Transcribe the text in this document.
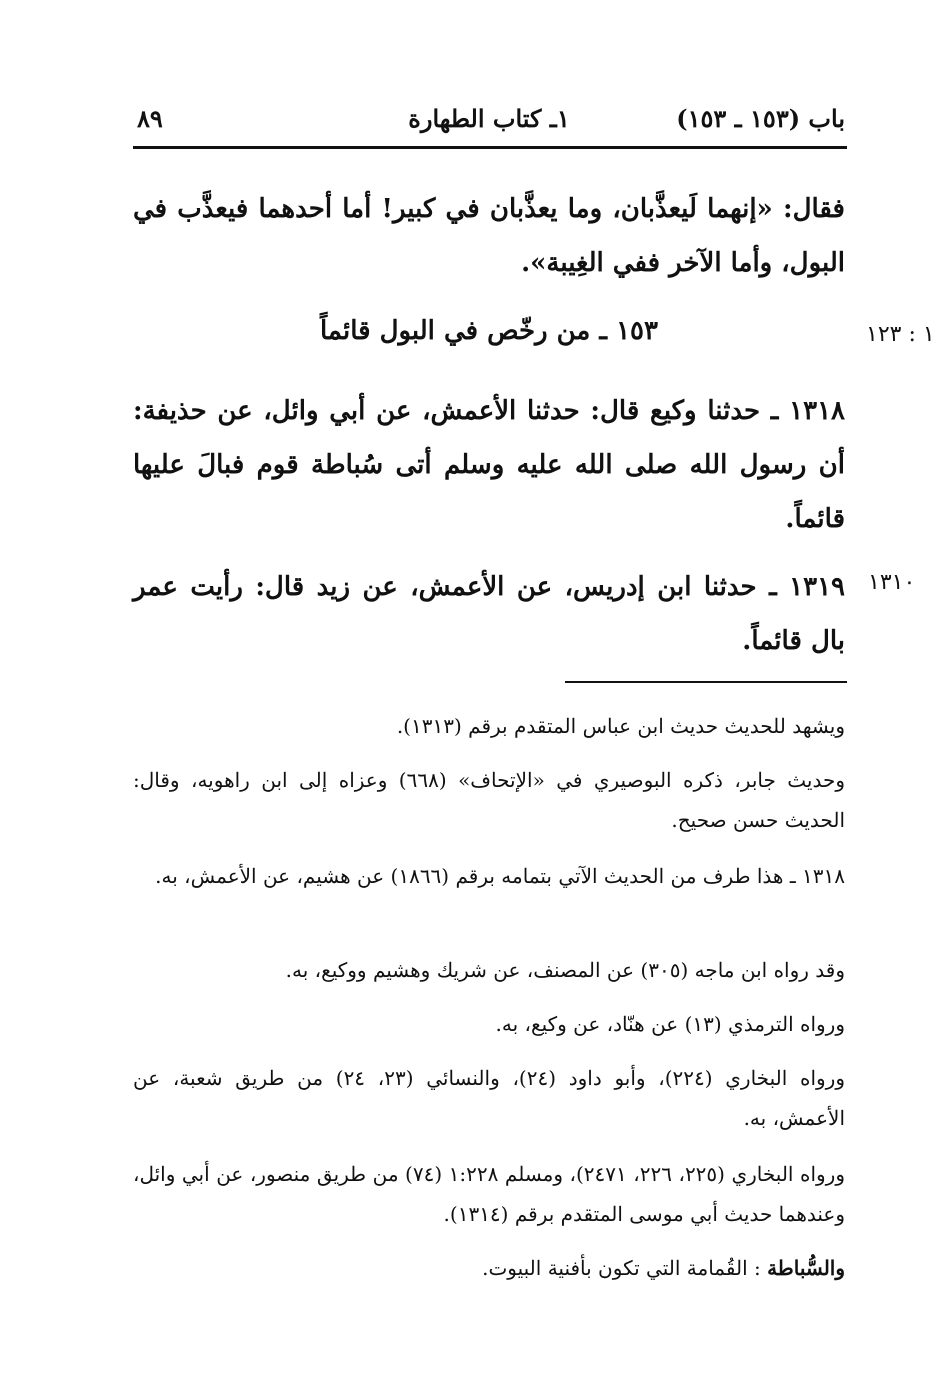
٨٩	١ـ كتاب الطهارة	باب (١٥٣ ـ ١٥٣)
فقال: «إنهما لَيعذَّبان، وما يعذَّبان في كبير! أما أحدهما فيعذَّب في البول، وأما الآخر ففي الغِيبة».
١٥٣ ـ من رخّص في البول قائماً	١ : ١٢٣
١٣١٨ ـ حدثنا وكيع قال: حدثنا الأعمش، عن أبي وائل، عن حذيفة: أن رسول الله صلى الله عليه وسلم أتى سُباطة قوم فبالَ عليها قائماً.
١٣١٩ ـ حدثنا ابن إدريس، عن الأعمش، عن زيد قال: رأيت عمر بال قائماً.
١٣١٠
ويشهد للحديث حديث ابن عباس المتقدم برقم (١٣١٣).
وحديث جابر، ذكره البوصيري في «الإتحاف» (٦٦٨) وعزاه إلى ابن راهويه، وقال: الحديث حسن صحيح.
١٣١٨ ـ هذا طرف من الحديث الآتي بتمامه برقم (١٨٦٦) عن هشيم، عن الأعمش، به.
وقد رواه ابن ماجه (٣٠٥) عن المصنف، عن شريك وهشيم ووكيع، به.
ورواه الترمذي (١٣) عن هنّاد، عن وكيع، به.
ورواه البخاري (٢٢٤)، وأبو داود (٢٤)، والنسائي (٢٣، ٢٤) من طريق شعبة، عن الأعمش، به.
ورواه البخاري (٢٢٥، ٢٢٦، ٢٤٧١)، ومسلم ١:٢٢٨ (٧٤) من طريق منصور، عن أبي وائل، وعندهما حديث أبي موسى المتقدم برقم (١٣١٤).
والسُّباطة : القُمامة التي تكون بأفنية البيوت.
